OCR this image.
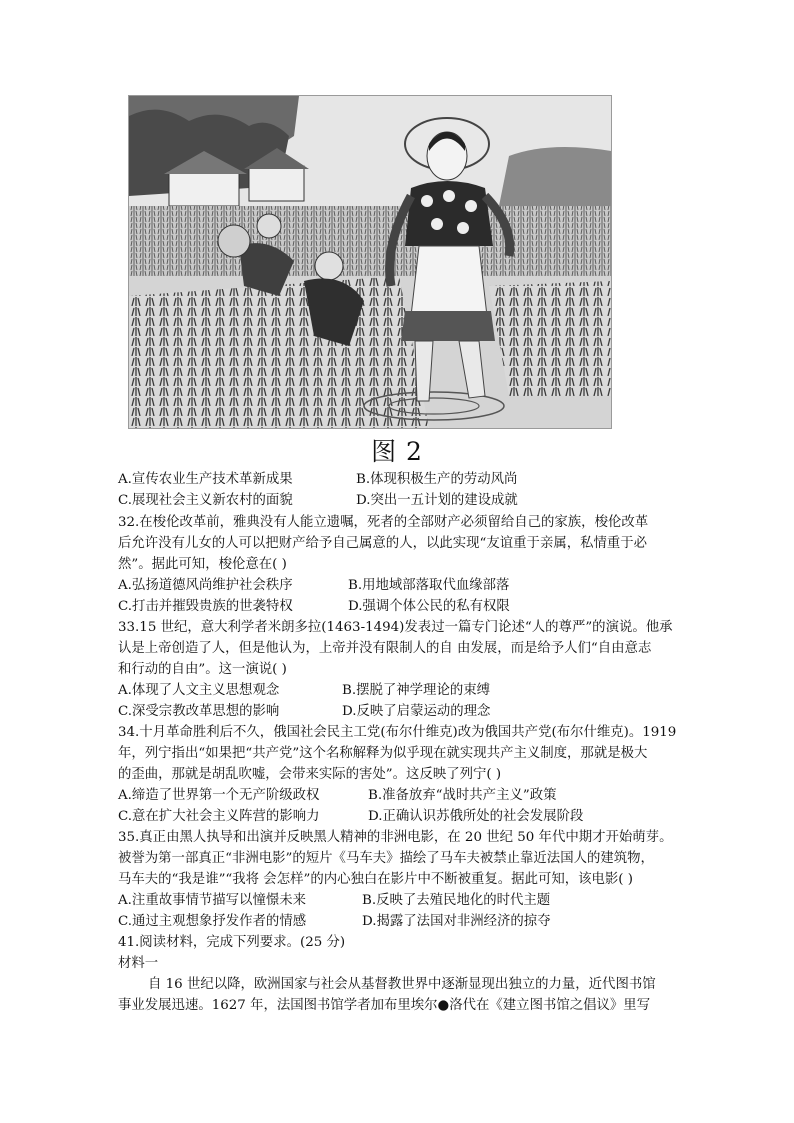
图 2
A.宣传农业生产技术革新成果	B.体现积极生产的劳动风尚
C.展现社会主义新农村的面貌	D.突出一五计划的建设成就
32.在梭伦改革前，雅典没有人能立遗嘱，死者的全部财产必须留给自己的家族，梭伦改革
后允许没有儿女的人可以把财产给予自己属意的人，以此实现“友谊重于亲属，私情重于必
然”。据此可知，梭伦意在( )
A.弘扬道德风尚维护社会秩序	B.用地域部落取代血缘部落
C.打击并摧毁贵族的世袭特权	D.强调个体公民的私有权限
33.15 世纪，意大利学者米朗多拉(1463-1494)发表过一篇专门论述“人的尊严”的演说。他承
认是上帝创造了人，但是他认为，上帝并没有限制人的自 由发展，而是给予人们“自由意志
和行动的自由”。这一演说( )
A.体现了人文主义思想观念	B.摆脱了神学理论的束缚
C.深受宗教改革思想的影响	D.反映了启蒙运动的理念
34.十月革命胜利后不久，俄国社会民主工党(布尔什维克)改为俄国共产党(布尔什维克)。1919
年，列宁指出“如果把“共产党”这个名称解释为似乎现在就实现共产主义制度，那就是极大
的歪曲，那就是胡乱吹嘘，会带来实际的害处”。这反映了列宁( )
A.缔造了世界第一个无产阶级政权	B.准备放弃“战时共产主义”政策
C.意在扩大社会主义阵营的影响力	D.正确认识苏俄所处的社会发展阶段
35.真正由黑人执导和出演并反映黑人精神的非洲电影，在 20 世纪 50 年代中期才开始萌芽。
被誉为第一部真正“非洲电影”的短片《马车夫》描绘了马车夫被禁止靠近法国人的建筑物，
马车夫的“我是谁”“我将 会怎样”的内心独白在影片中不断被重复。据此可知，该电影( )
A.注重故事情节描写以憧憬未来	B.反映了去殖民地化的时代主题
C.通过主观想象抒发作者的情感	D.揭露了法国对非洲经济的掠夺
41.阅读材料，完成下列要求。(25 分)
材料一
自 16 世纪以降，欧洲国家与社会从基督教世界中逐渐显现出独立的力量，近代图书馆
事业发展迅速。1627 年，法国图书馆学者加布里埃尔●洛代在《建立图书馆之倡议》里写
